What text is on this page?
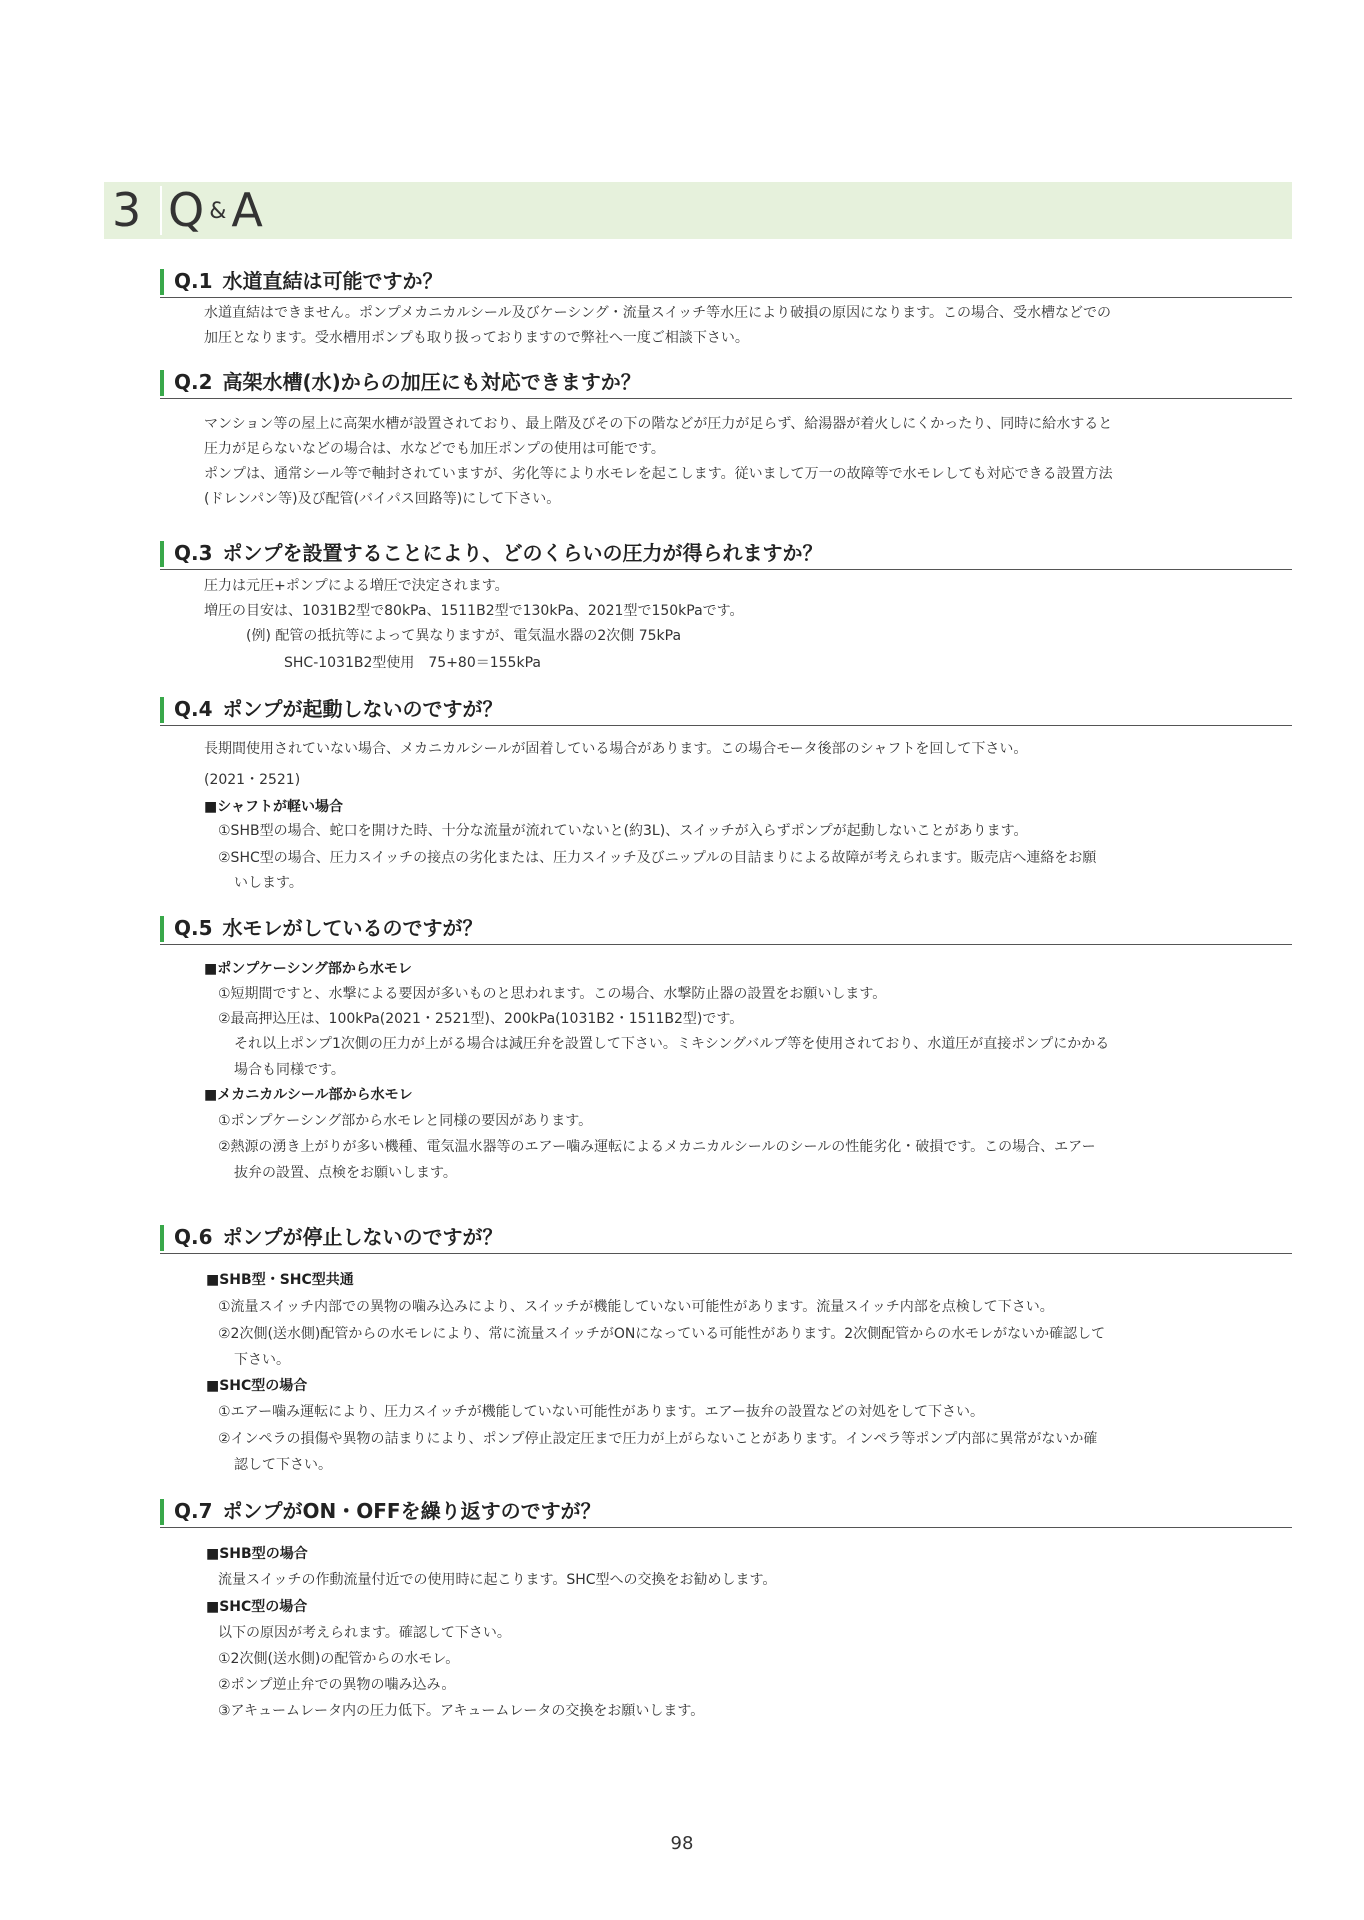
3 Q &A
Q.1 水道直結は可能ですか？
水道直結はできません。ポンプメカニカルシール及びケーシング・流量スイッチ等水圧により破損の原因になります。この場合、受水槽などでの
加圧となります。受水槽用ポンプも取り扱っておりますので弊社へ一度ご相談下さい。
Q.2 高架水槽(水)からの加圧にも対応できますか？
マンション等の屋上に高架水槽が設置されており、最上階及びその下の階などが圧力が足らず、給湯器が着火しにくかったり、同時に給水すると
圧力が足らないなどの場合は、水などでも加圧ポンプの使用は可能です。
ポンプは、通常シール等で軸封されていますが、劣化等により水モレを起こします。従いまして万一の故障等で水モレしても対応できる設置方法
(ドレンパン等)及び配管(バイパス回路等)にして下さい。
Q.3 ポンプを設置することにより、どのくらいの圧力が得られますか？
圧力は元圧+ポンプによる増圧で決定されます。
増圧の目安は、1031B2型で80kPa、1511B2型で130kPa、2021型で150kPaです。
(例) 配管の抵抗等によって異なりますが、電気温水器の2次側 75kPa
SHC-1031B2型使用　75+80＝155kPa
Q.4 ポンプが起動しないのですが？
長期間使用されていない場合、メカニカルシールが固着している場合があります。この場合モータ後部のシャフトを回して下さい。
(2021・2521)
■シャフトが軽い場合
①SHB型の場合、蛇口を開けた時、十分な流量が流れていないと(約3L)、スイッチが入らずポンプが起動しないことがあります。
②SHC型の場合、圧力スイッチの接点の劣化または、圧力スイッチ及びニップルの目詰まりによる故障が考えられます。販売店へ連絡をお願
いします。
Q.5 水モレがしているのですが？
■ポンプケーシング部から水モレ
①短期間ですと、水撃による要因が多いものと思われます。この場合、水撃防止器の設置をお願いします。
②最高押込圧は、100kPa(2021・2521型)、200kPa(1031B2・1511B2型)です。
それ以上ポンプ1次側の圧力が上がる場合は減圧弁を設置して下さい。ミキシングバルブ等を使用されており、水道圧が直接ポンプにかかる
場合も同様です。
■メカニカルシール部から水モレ
①ポンプケーシング部から水モレと同様の要因があります。
②熱源の湧き上がりが多い機種、電気温水器等のエアー噛み運転によるメカニカルシールのシールの性能劣化・破損です。この場合、エアー
抜弁の設置、点検をお願いします。
Q.6 ポンプが停止しないのですが？
■SHB型・SHC型共通
①流量スイッチ内部での異物の噛み込みにより、スイッチが機能していない可能性があります。流量スイッチ内部を点検して下さい。
②2次側(送水側)配管からの水モレにより、常に流量スイッチがONになっている可能性があります。2次側配管からの水モレがないか確認して
下さい。
■SHC型の場合
①エアー噛み運転により、圧力スイッチが機能していない可能性があります。エアー抜弁の設置などの対処をして下さい。
②インペラの損傷や異物の詰まりにより、ポンプ停止設定圧まで圧力が上がらないことがあります。インペラ等ポンプ内部に異常がないか確
認して下さい。
Q.7 ポンプがON・OFFを繰り返すのですが？
■SHB型の場合
流量スイッチの作動流量付近での使用時に起こります。SHC型への交換をお勧めします。
■SHC型の場合
以下の原因が考えられます。確認して下さい。
①2次側(送水側)の配管からの水モレ。
②ポンプ逆止弁での異物の噛み込み。
③アキュームレータ内の圧力低下。アキュームレータの交換をお願いします。
98
